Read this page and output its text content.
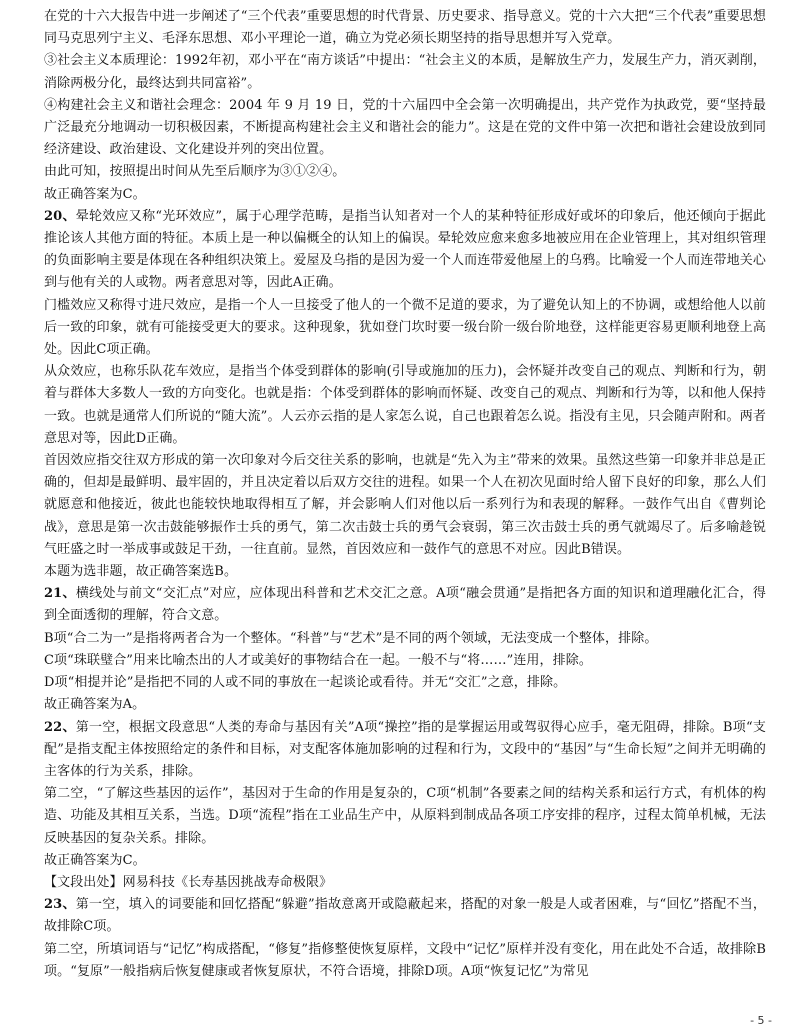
在党的十六大报告中进一步阐述了“三个代表”重要思想的时代背景、历史要求、指导意义。党的十六大把“三个代表”重要思想同马克思列宁主义、毛泽东思想、邓小平理论一道，确立为党必须长期坚持的指导思想并写入党章。

③社会主义本质理论：1992年初，邓小平在“南方谈话”中提出：“社会主义的本质，是解放生产力，发展生产力，消灭剥削，消除两极分化，最终达到共同富裕”。

④构建社会主义和谐社会理念：2004 年 9 月 19 日，党的十六届四中全会第一次明确提出，共产党作为执政党，要“坚持最广泛最充分地调动一切积极因素，不断提高构建社会主义和谐社会的能力”。这是在党的文件中第一次把和谐社会建设放到同经济建设、政治建设、文化建设并列的突出位置。

由此可知，按照提出时间从先至后顺序为③①②④。

故正确答案为C。

20、晕轮效应又称“光环效应”，属于心理学范畴，是指当认知者对一个人的某种特征形成好或坏的印象后，他还倾向于据此推论该人其他方面的特征。本质上是一种以偏概全的认知上的偏误。晕轮效应愈来愈多地被应用在企业管理上，其对组织管理的负面影响主要是体现在各种组织决策上。爱屋及乌指的是因为爱一个人而连带爱他屋上的乌鸦。比喻爱一个人而连带地关心到与他有关的人或物。两者意思对等，因此A正确。

门槛效应又称得寸进尺效应，是指一个人一旦接受了他人的一个微不足道的要求，为了避免认知上的不协调，或想给他人以前后一致的印象，就有可能接受更大的要求。这种现象，犹如登门坎时要一级台阶一级台阶地登，这样能更容易更顺利地登上高处。因此C项正确。

从众效应，也称乐队花车效应，是指当个体受到群体的影响(引导或施加的压力)，会怀疑并改变自己的观点、判断和行为，朝着与群体大多数人一致的方向变化。也就是指：个体受到群体的影响而怀疑、改变自己的观点、判断和行为等，以和他人保持一致。也就是通常人们所说的“随大流”。人云亦云指的是人家怎么说，自己也跟着怎么说。指没有主见，只会随声附和。两者意思对等，因此D正确。

首因效应指交往双方形成的第一次印象对今后交往关系的影响，也就是“先入为主”带来的效果。虽然这些第一印象并非总是正确的，但却是最鲜明、最牢固的，并且决定着以后双方交往的进程。如果一个人在初次见面时给人留下良好的印象，那么人们就愿意和他接近，彼此也能较快地取得相互了解，并会影响人们对他以后一系列行为和表现的解释。一鼓作气出自《曹刿论战》，意思是第一次击鼓能够振作士兵的勇气，第二次击鼓士兵的勇气会衰弱，第三次击鼓士兵的勇气就竭尽了。后多喻趁锐气旺盛之时一举成事或鼓足干劲，一往直前。显然，首因效应和一鼓作气的意思不对应。因此B错误。

本题为选非题，故正确答案选B。

21、横线处与前文“交汇点”对应，应体现出科普和艺术交汇之意。A项“融会贯通”是指把各方面的知识和道理融化汇合，得到全面透彻的理解，符合文意。

B项“合二为一”是指将两者合为一个整体。“科普”与“艺术”是不同的两个领域，无法变成一个整体，排除。

C项“珠联璧合”用来比喻杰出的人才或美好的事物结合在一起。一般不与“将……”连用，排除。

D项“相提并论”是指把不同的人或不同的事放在一起谈论或看待。并无“交汇”之意，排除。

故正确答案为A。

22、第一空，根据文段意思“人类的寿命与基因有关”A项“操控”指的是掌握运用或驾驭得心应手，毫无阻碍，排除。B项“支配”是指支配主体按照给定的条件和目标，对支配客体施加影响的过程和行为，文段中的“基因”与“生命长短”之间并无明确的主客体的行为关系，排除。

第二空，“了解这些基因的运作”，基因对于生命的作用是复杂的，C项“机制”各要素之间的结构关系和运行方式，有机体的构造、功能及其相互关系，当选。D项“流程”指在工业品生产中，从原料到制成品各项工序安排的程序，过程太简单机械，无法反映基因的复杂关系。排除。

故正确答案为C。

【文段出处】网易科技《长寿基因挑战寿命极限》

23、第一空，填入的词要能和回忆搭配“躲避”指故意离开或隐蔽起来，搭配的对象一般是人或者困难，与“回忆”搭配不当，故排除C项。

第二空，所填词语与“记忆”构成搭配，“修复”指修整使恢复原样，文段中“记忆”原样并没有变化，用在此处不合适，故排除B项。“复原”一般指病后恢复健康或者恢复原状，不符合语境，排除D项。A项“恢复记忆”为常见

- 5 -
